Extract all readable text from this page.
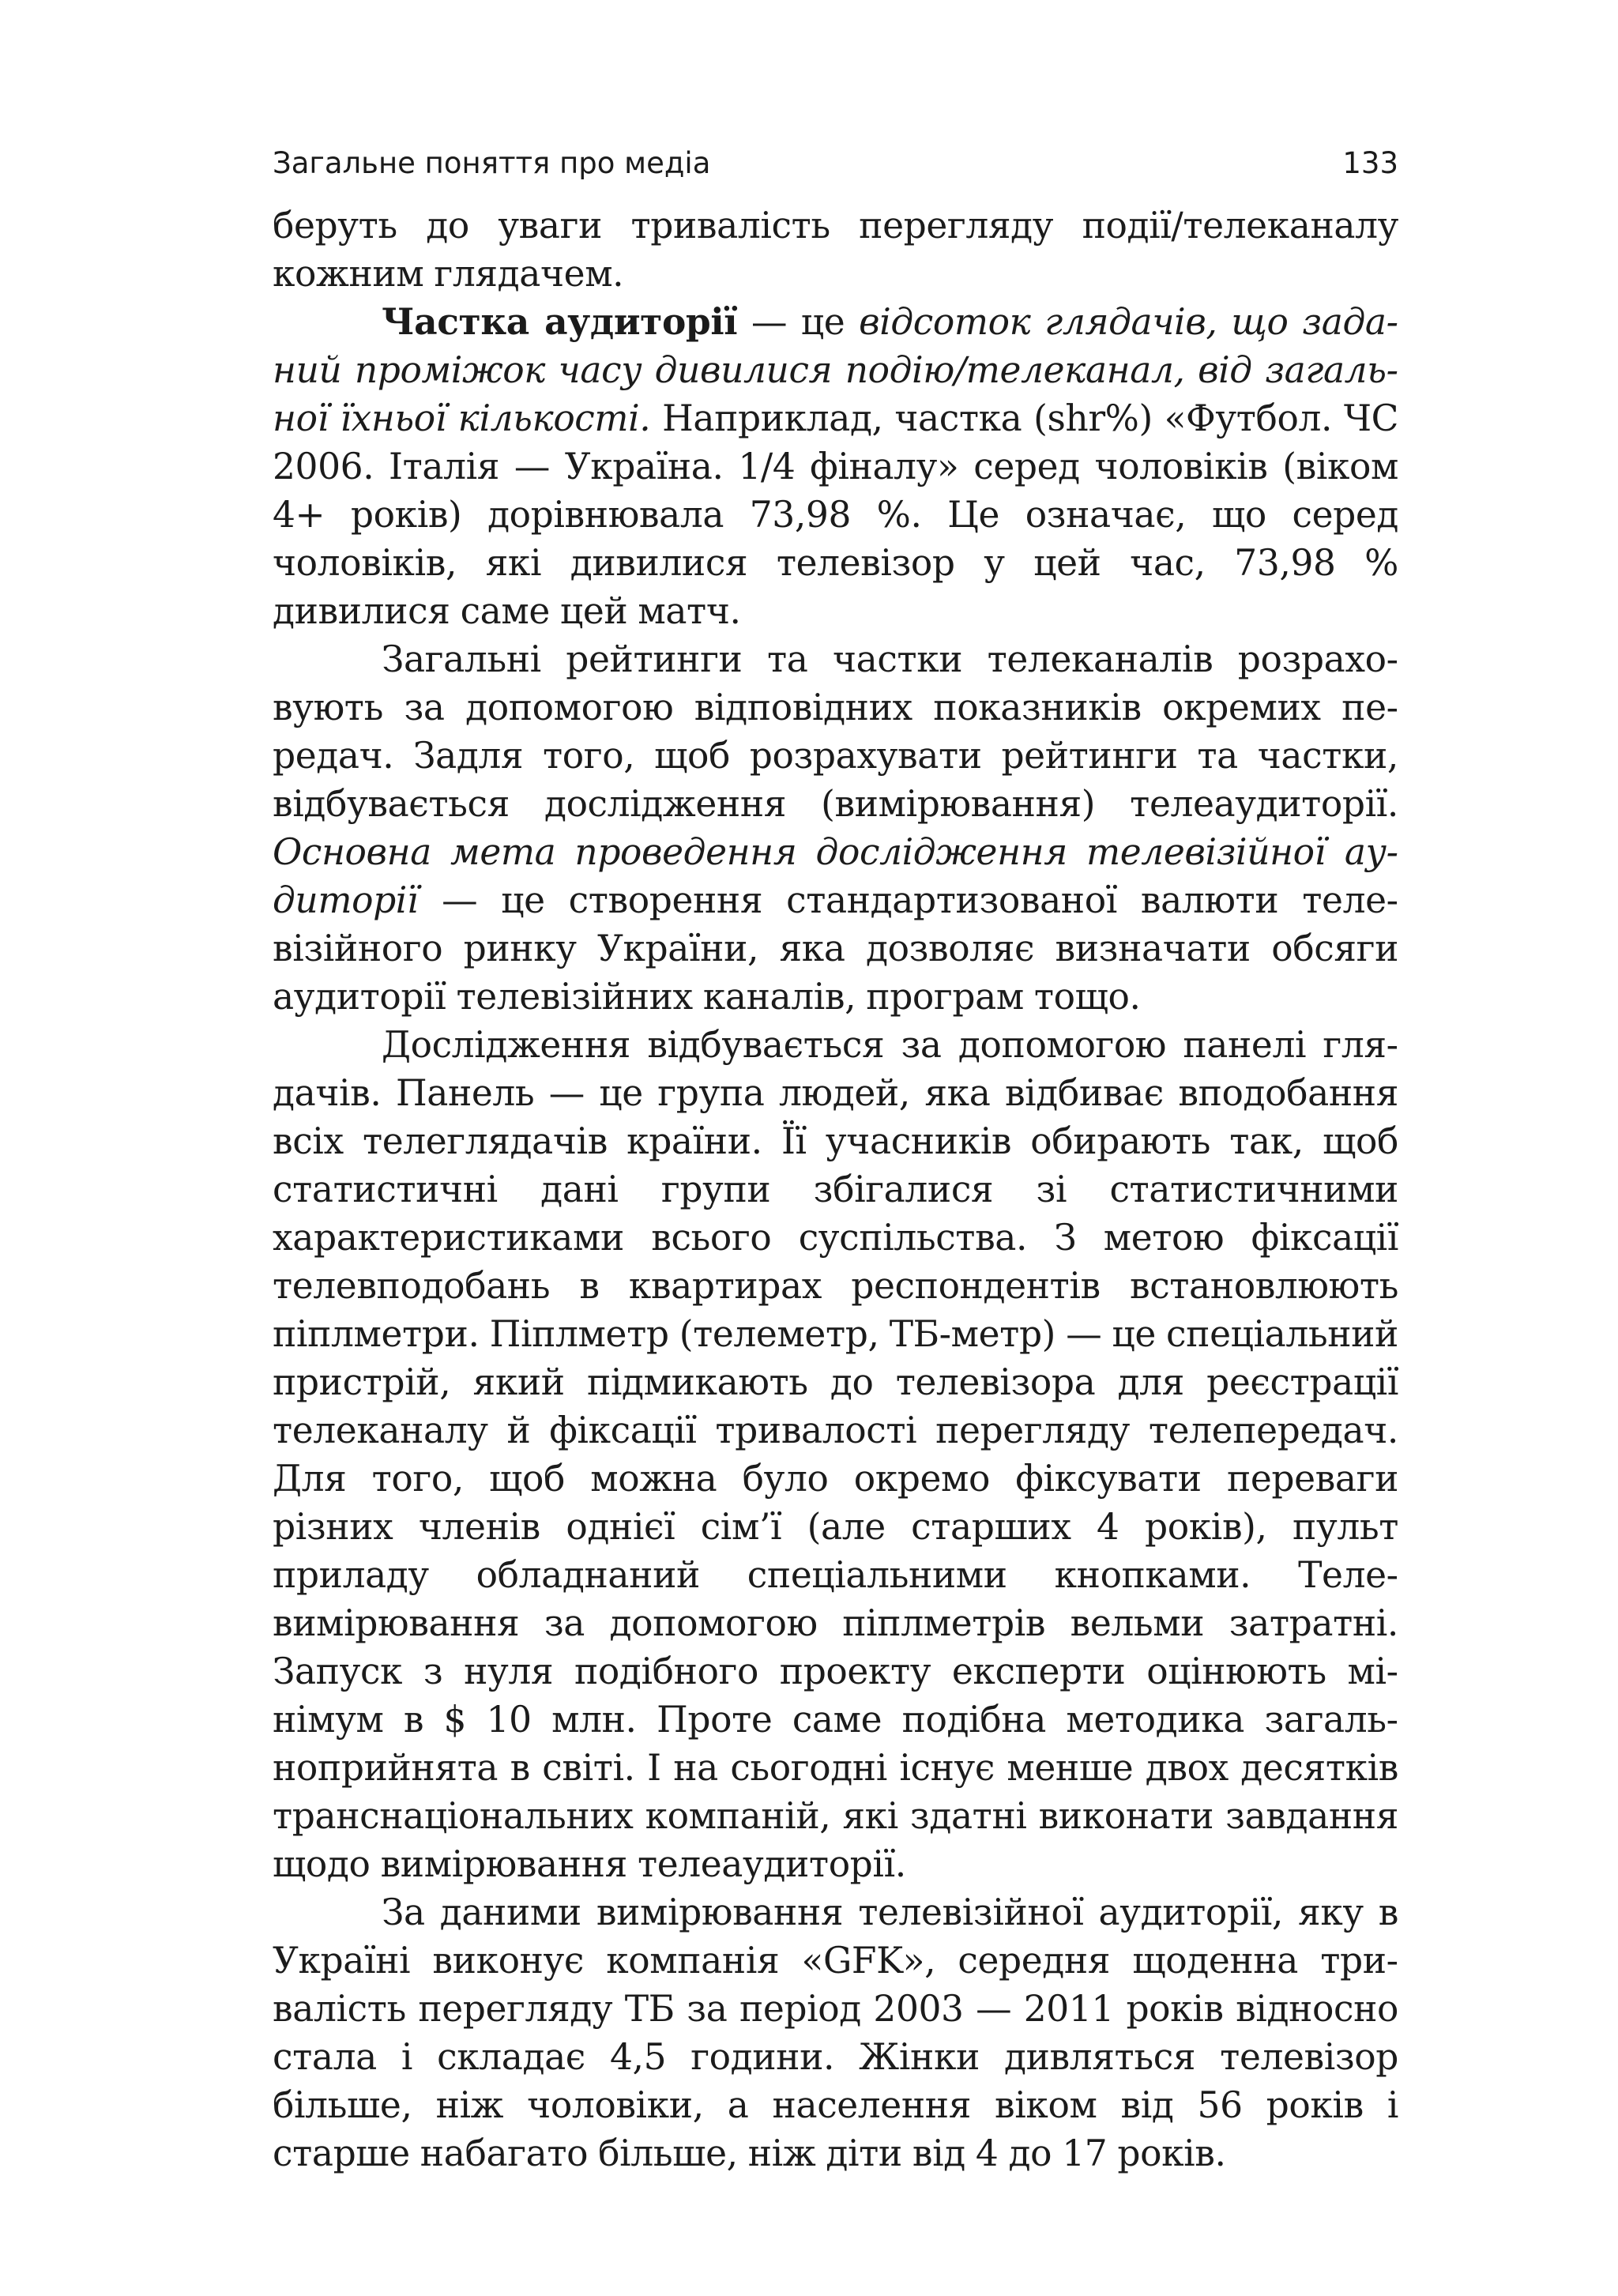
Загальне поняття про медіа	133

беруть до уваги тривалість перегляду події/телеканалу кожним глядачем.

Частка аудиторії — це відсоток глядачів, що заданий проміжок часу дивилися подію/телеканал, від загальної їхньої кількості. Наприклад, частка (shr%) «Футбол. ЧС 2006. Італія — Україна. 1/4 фіналу» серед чоловіків (віком 4+ років) дорівнювала 73,98 %. Це означає, що серед чоловіків, які дивилися телевізор у цей час, 73,98 % дивилися саме цей матч.

Загальні рейтинги та частки телеканалів розраховують за допомогою відповідних показників окремих передач. Задля того, щоб розрахувати рейтинги та частки, відбувається дослідження (вимірювання) телеаудиторії. Основна мета проведення дослідження телевізійної аудиторії — це створення стандартизованої валюти телевізійного ринку України, яка дозволяє визначати обсяги аудиторії телевізійних каналів, програм тощо.

Дослідження відбувається за допомогою панелі глядачів. Панель — це група людей, яка відбиває вподобання всіх телеглядачів країни. Її учасників обирають так, щоб статистичні дані групи збігалися зі статистичними характеристиками всього суспільства. З метою фіксації телевподобань в квартирах респондентів встановлюють піплметри. Піплметр (телеметр, ТБ-метр) — це спеціальний пристрій, який підмикають до телевізора для реєстрації телеканалу й фіксації тривалості перегляду телепередач. Для того, щоб можна було окремо фіксувати переваги різних членів однієї сім’ї (але старших 4 років), пульт приладу обладнаний спеціальними кнопками. Телевимірювання за допомогою піплметрів вельми затратні. Запуск з нуля подібного проекту експерти оцінюють мінімум в $ 10 млн. Проте саме подібна методика загальноприйнята в світі. І на сьогодні існує менше двох десятків транснаціональних компаній, які здатні виконати завдання щодо вимірювання телеаудиторії.

За даними вимірювання телевізійної аудиторії, яку в Україні виконує компанія «GFK», середня щоденна тривалість перегляду ТБ за період 2003 — 2011 років відносно стала і складає 4,5 години. Жінки дивляться телевізор більше, ніж чоловіки, а населення віком від 56 років і старше набагато більше, ніж діти від 4 до 17 років.
